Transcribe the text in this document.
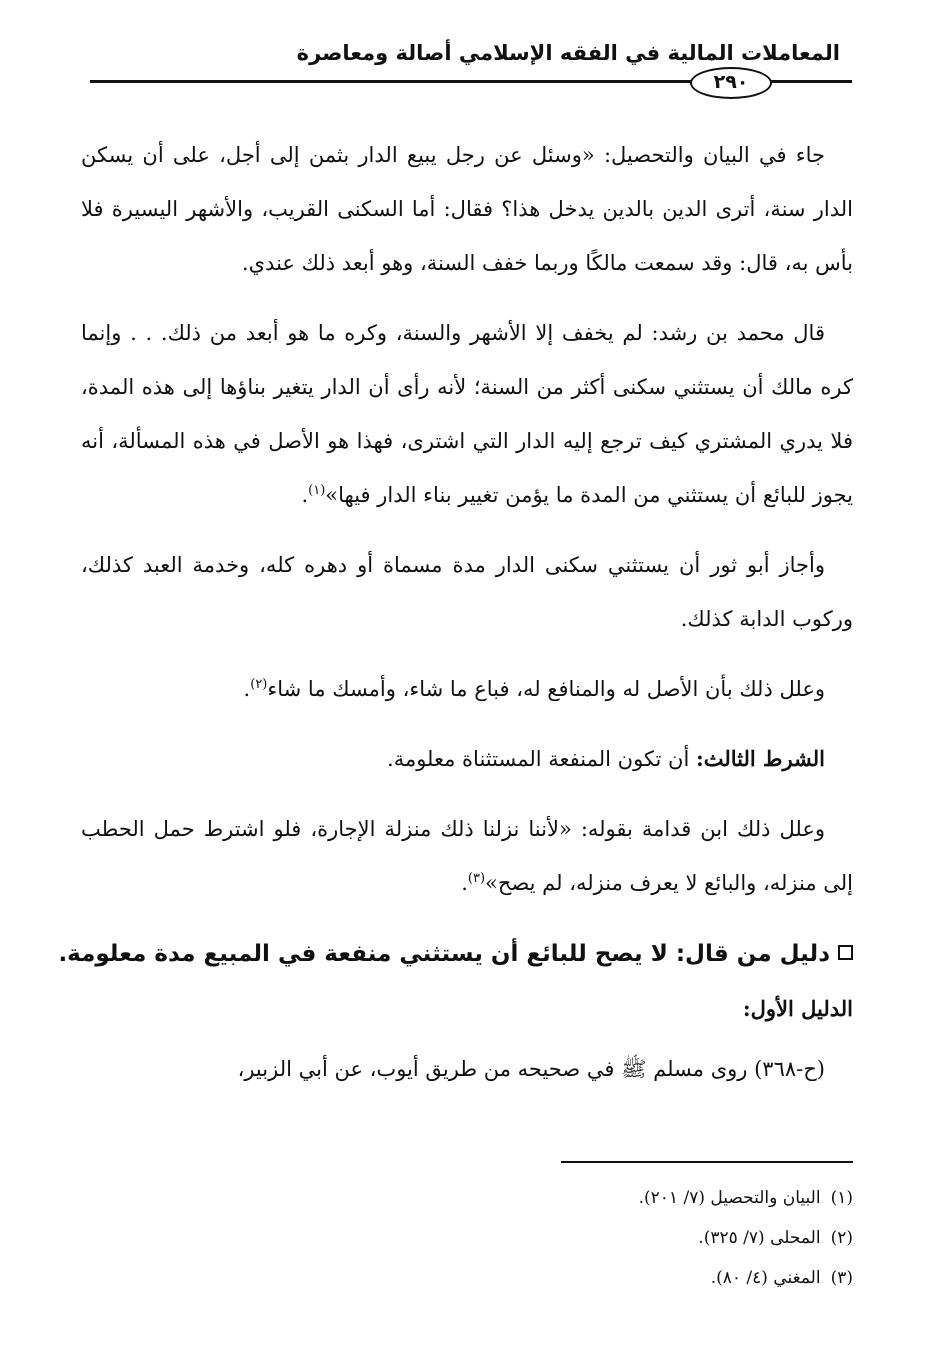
المعاملات المالية في الفقه الإسلامي أصالة ومعاصرة
٢٩٠

جاء في البيان والتحصيل: «وسئل عن رجل يبيع الدار بثمن إلى أجل، على أن يسكن الدار سنة، أترى الدين بالدين يدخل هذا؟ فقال: أما السكنى القريب، والأشهر اليسيرة فلا بأس به، قال: وقد سمعت مالكًا وربما خفف السنة، وهو أبعد ذلك عندي.

قال محمد بن رشد: لم يخفف إلا الأشهر والسنة، وكره ما هو أبعد من ذلك. . . وإنما كره مالك أن يستثني سكنى أكثر من السنة؛ لأنه رأى أن الدار يتغير بناؤها إلى هذه المدة، فلا يدري المشتري كيف ترجع إليه الدار التي اشترى، فهذا هو الأصل في هذه المسألة، أنه يجوز للبائع أن يستثني من المدة ما يؤمن تغيير بناء الدار فيها»$^{(١)}$.

وأجاز أبو ثور أن يستثني سكنى الدار مدة مسماة أو دهره كله، وخدمة العبد كذلك، وركوب الدابة كذلك.

وعلل ذلك بأن الأصل له والمنافع له، فباع ما شاء، وأمسك ما شاء$^{(٢)}$.

الشرط الثالث: أن تكون المنفعة المستثناة معلومة.

وعلل ذلك ابن قدامة بقوله: «لأننا نزلنا ذلك منزلة الإجارة، فلو اشترط حمل الحطب إلى منزله، والبائع لا يعرف منزله، لم يصح»$^{(٣)}$.

دليل من قال: لا يصح للبائع أن يستثني منفعة في المبيع مدة معلومة.

الدليل الأول:

(ح-٣٦٨) روى مسلم ﷺ في صحيحه من طريق أيوب، عن أبي الزبير،

(١)البيان والتحصيل (٧/ ٢٠١).
(٢)المحلى (٧/ ٣٢٥).
(٣)المغني (٤/ ٨٠).
